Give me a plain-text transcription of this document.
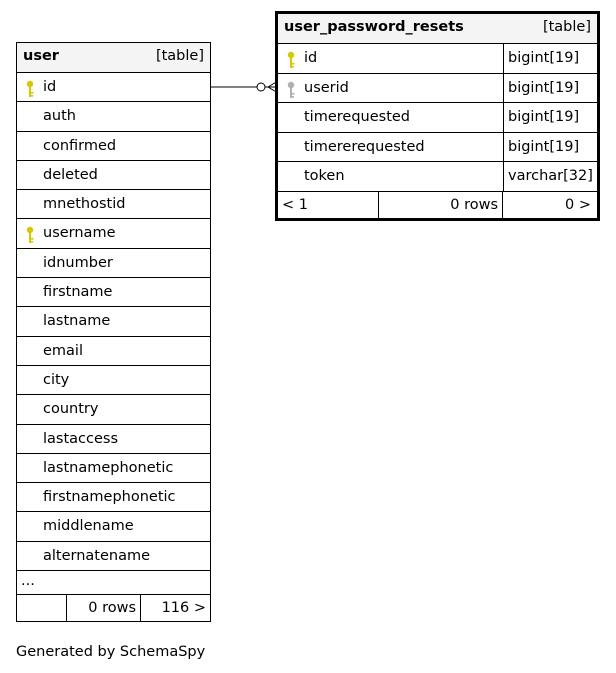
user	[table]
id
auth
confirmed
deleted
mnethostid
username
idnumber
firstname
lastname
email
city
country
lastaccess
lastnamephonetic
firstnamephonetic
middlename
alternatename
...
0 rows	116 >
user_password_resets	[table]
id	bigint[19]
userid	bigint[19]
timerequested	bigint[19]
timererequested	bigint[19]
token	varchar[32]
< 1	0 rows	0 >
Generated by SchemaSpy
